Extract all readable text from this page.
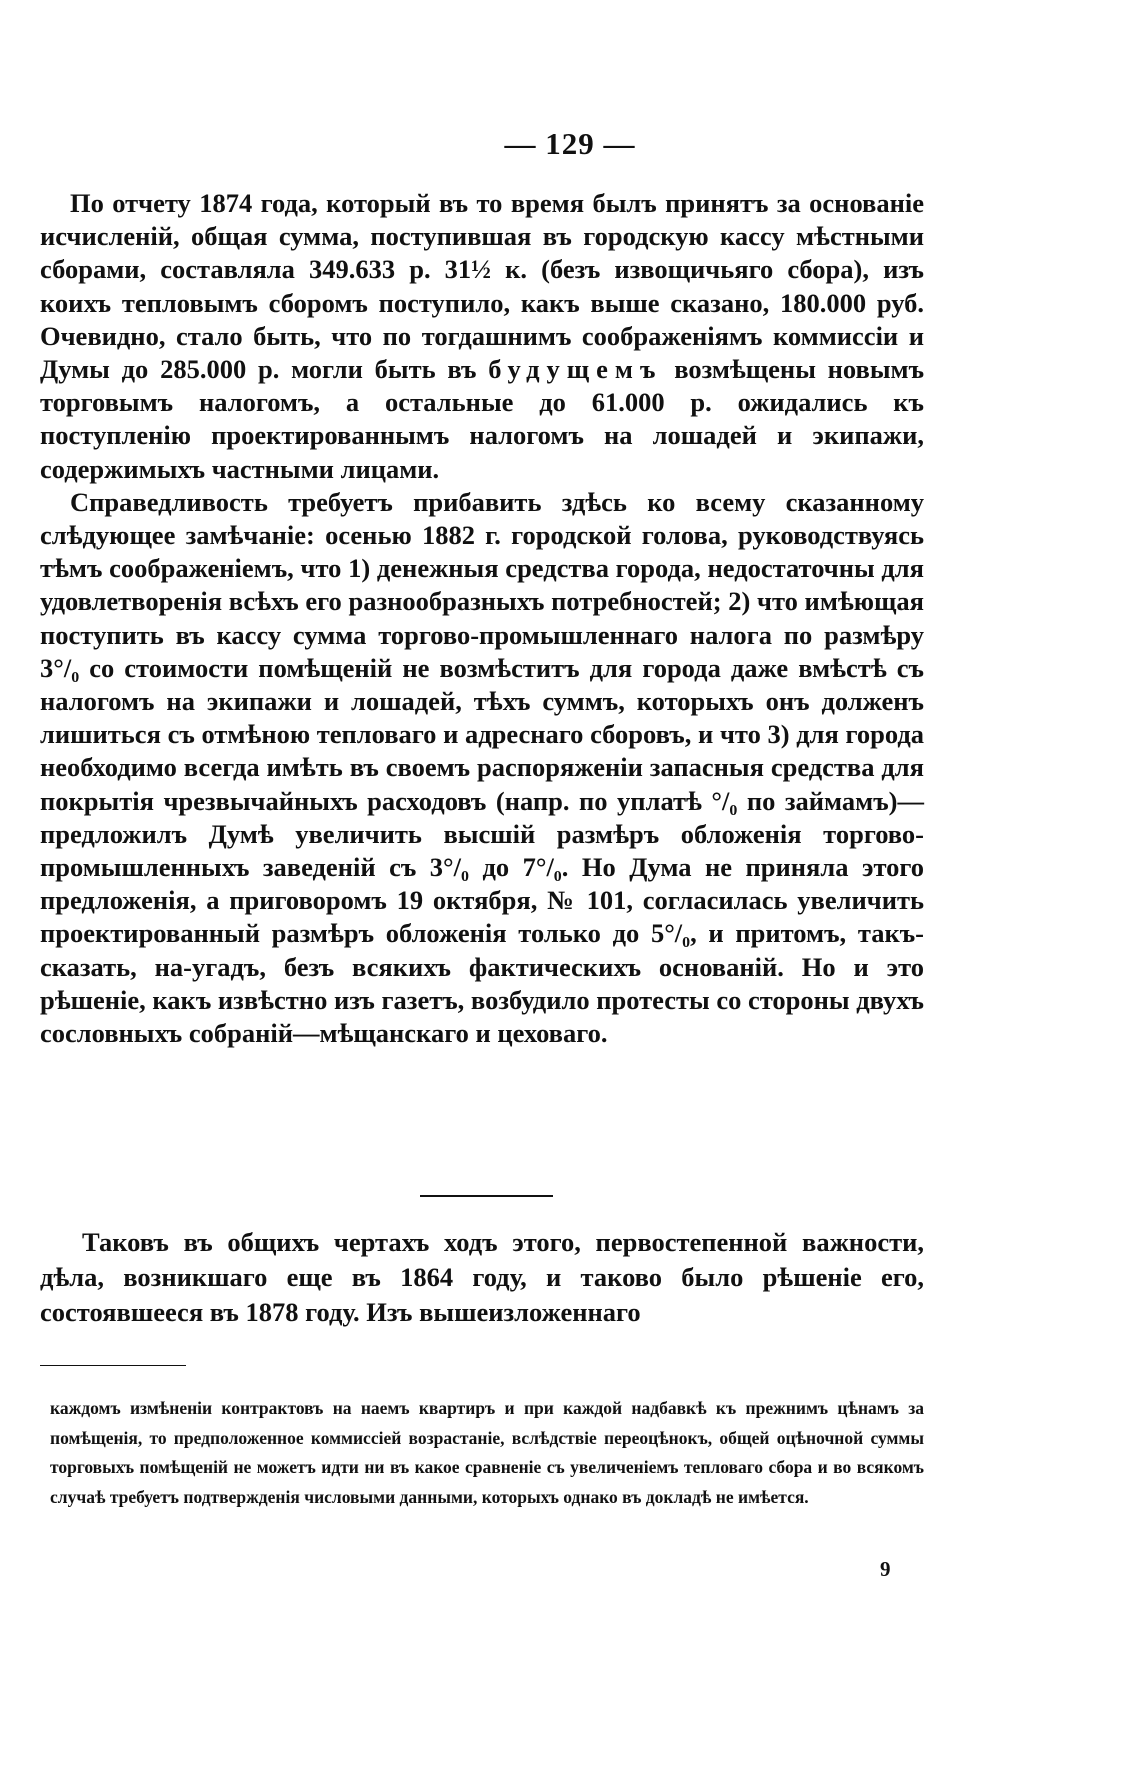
— 129 —

По отчету 1874 года, который въ то время былъ принятъ за основаніе исчисленій, общая сумма, поступившая въ городскую кассу мѣстными сборами, составляла 349.633 р. 31½ к. (безъ извощичьяго сбора), изъ коихъ тепловымъ сборомъ поступило, какъ выше сказано, 180.000 руб. Очевидно, стало быть, что по тогдашнимъ соображеніямъ коммиссіи и Думы до 285.000 р. могли быть въ будущемъ возмѣщены новымъ торговымъ налогомъ, а остальные до 61.000 р. ожидались къ поступленію проектированнымъ налогомъ на лошадей и экипажи, содержимыхъ частными лицами.

Справедливость требуетъ прибавить здѣсь ко всему сказанному слѣдующее замѣчаніе: осенью 1882 г. городской голова, руководствуясь тѣмъ соображеніемъ, что 1) денежныя средства города, недостаточны для удовлетворенія всѣхъ его разнообразныхъ потребностей; 2) что имѣющая поступить въ кассу сумма торгово-промышленнаго налога по размѣру 3°/₀ со стоимости помѣщеній не возмѣститъ для города даже вмѣстѣ съ налогомъ на экипажи и лошадей, тѣхъ суммъ, которыхъ онъ долженъ лишиться съ отмѣною тепловаго и адреснаго сборовъ, и что 3) для города необходимо всегда имѣть въ своемъ распоряженіи запасныя средства для покрытія чрезвычайныхъ расходовъ (напр. по уплатѣ °/₀ по займамъ)—предложилъ Думѣ увеличить высшій размѣръ обложенія торгово-промышленныхъ заведеній съ 3°/₀ до 7°/₀. Но Дума не приняла этого предложенія, а приговоромъ 19 октября, № 101, согласилась увеличить проектированный размѣръ обложенія только до 5°/₀, и притомъ, такъ-сказать, на-угадъ, безъ всякихъ фактическихъ основаній. Но и это рѣшеніе, какъ извѣстно изъ газетъ, возбудило протесты со стороны двухъ сословныхъ собраній—мѣщанскаго и цеховаго.

Таковъ въ общихъ чертахъ ходъ этого, первостепенной важности, дѣла, возникшаго еще въ 1864 году, и таково было рѣшеніе его, состоявшееся въ 1878 году. Изъ вышеизложеннаго

каждомъ измѣненіи контрактовъ на наемъ квартиръ и при каждой надбавкѣ къ прежнимъ цѣнамъ за помѣщенія, то предположенное коммиссіей возрастаніе, вслѣдствіе переоцѣнокъ, общей оцѣночной суммы торговыхъ помѣщеній не можетъ идти ни въ какое сравненіе съ увеличеніемъ тепловаго сбора и во всякомъ случаѣ требуетъ подтвержденія числовыми данными, которыхъ однако въ докладѣ не имѣется.

9
